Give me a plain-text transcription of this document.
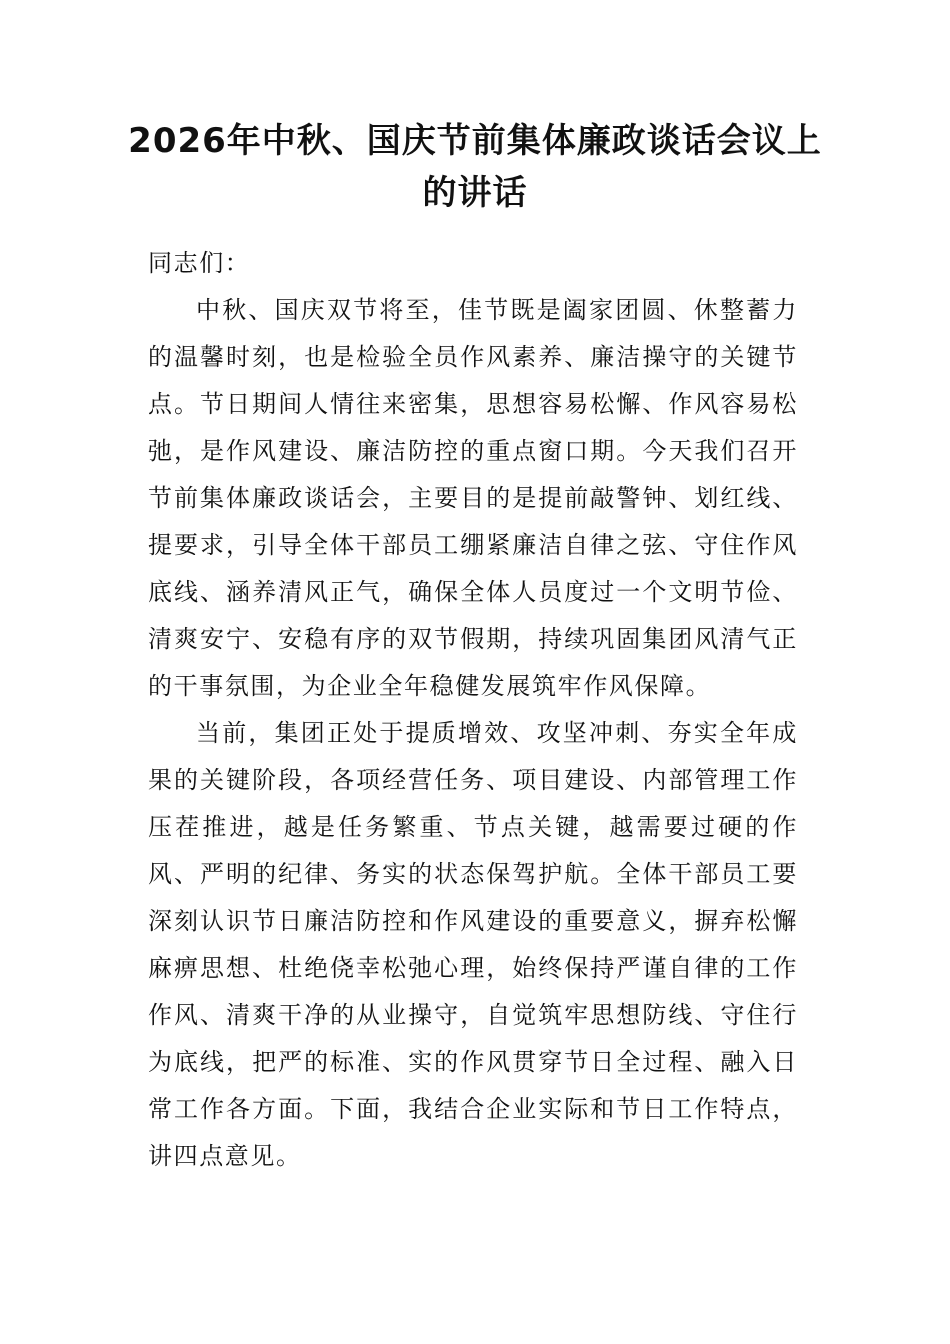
2026年中秋、国庆节前集体廉政谈话会议上的讲话

同志们：

中秋、国庆双节将至，佳节既是阖家团圆、休整蓄力的温馨时刻，也是检验全员作风素养、廉洁操守的关键节点。节日期间人情往来密集，思想容易松懈、作风容易松弛，是作风建设、廉洁防控的重点窗口期。今天我们召开节前集体廉政谈话会，主要目的是提前敲警钟、划红线、提要求，引导全体干部员工绷紧廉洁自律之弦、守住作风底线、涵养清风正气，确保全体人员度过一个文明节俭、清爽安宁、安稳有序的双节假期，持续巩固集团风清气正的干事氛围，为企业全年稳健发展筑牢作风保障。

当前，集团正处于提质增效、攻坚冲刺、夯实全年成果的关键阶段，各项经营任务、项目建设、内部管理工作压茬推进，越是任务繁重、节点关键，越需要过硬的作风、严明的纪律、务实的状态保驾护航。全体干部员工要深刻认识节日廉洁防控和作风建设的重要意义，摒弃松懈麻痹思想、杜绝侥幸松弛心理，始终保持严谨自律的工作作风、清爽干净的从业操守，自觉筑牢思想防线、守住行为底线，把严的标准、实的作风贯穿节日全过程、融入日常工作各方面。下面，我结合企业实际和节日工作特点，讲四点意见。
